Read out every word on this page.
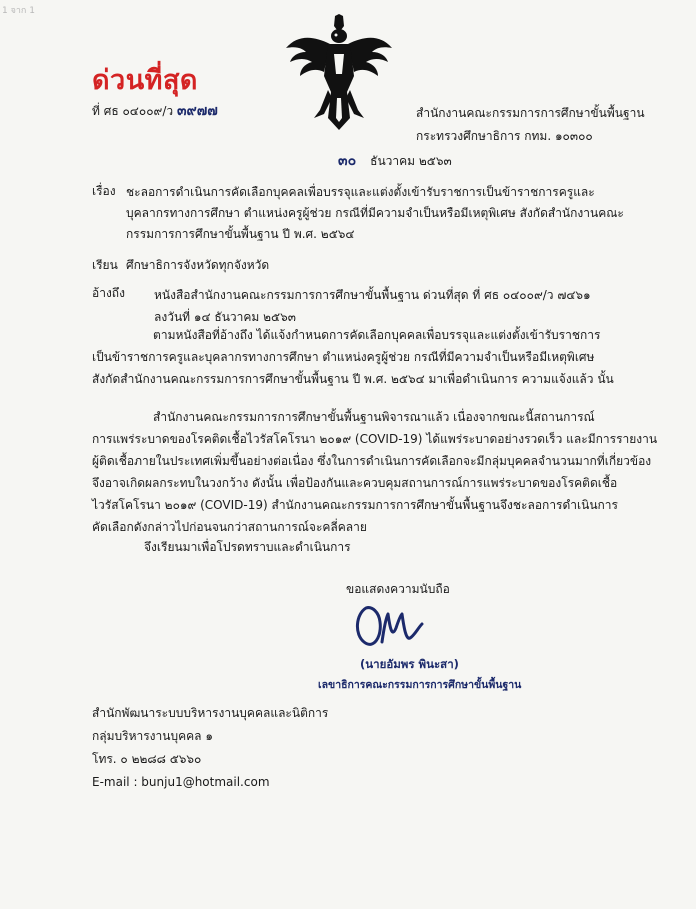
1 จาก 1
ด่วนที่สุด
ที่ ศธ ๐๔๐๐๙/ว ๓๙๗๗	สำนักงานคณะกรรมการการศึกษาขั้นพื้นฐาน
กระทรวงศึกษาธิการ กทม. ๑๐๓๐๐
๓๐ ธันวาคม ๒๕๖๓
เรื่อง ชะลอการดำเนินการคัดเลือกบุคคลเพื่อบรรจุและแต่งตั้งเข้ารับราชการเป็นข้าราชการครูและบุคลากรทางการศึกษา ตำแหน่งครูผู้ช่วย กรณีที่มีความจำเป็นหรือมีเหตุพิเศษ สังกัดสำนักงานคณะกรรมการการศึกษาขั้นพื้นฐาน ปี พ.ศ. ๒๕๖๔
เรียน ศึกษาธิการจังหวัดทุกจังหวัด
อ้างถึง หนังสือสำนักงานคณะกรรมการการศึกษาขั้นพื้นฐาน ด่วนที่สุด ที่ ศธ ๐๔๐๐๙/ว ๗๔๖๑
ลงวันที่ ๑๔ ธันวาคม ๒๕๖๓
ตามหนังสือที่อ้างถึง ได้แจ้งกำหนดการคัดเลือกบุคคลเพื่อบรรจุและแต่งตั้งเข้ารับราชการ
เป็นข้าราชการครูและบุคลากรทางการศึกษา ตำแหน่งครูผู้ช่วย กรณีที่มีความจำเป็นหรือมีเหตุพิเศษ
สังกัดสำนักงานคณะกรรมการการศึกษาขั้นพื้นฐาน ปี พ.ศ. ๒๕๖๔ มาเพื่อดำเนินการ ความแจ้งแล้ว นั้น
สำนักงานคณะกรรมการการศึกษาขั้นพื้นฐานพิจารณาแล้ว เนื่องจากขณะนี้สถานการณ์
การแพร่ระบาดของโรคติดเชื้อไวรัสโคโรนา ๒๐๑๙ (COVID-19) ได้แพร่ระบาดอย่างรวดเร็ว และมีการรายงาน
ผู้ติดเชื้อภายในประเทศเพิ่มขึ้นอย่างต่อเนื่อง ซึ่งในการดำเนินการคัดเลือกจะมีกลุ่มบุคคลจำนวนมากที่เกี่ยวข้อง
จึงอาจเกิดผลกระทบในวงกว้าง ดังนั้น เพื่อป้องกันและควบคุมสถานการณ์การแพร่ระบาดของโรคติดเชื้อ
ไวรัสโคโรนา ๒๐๑๙ (COVID-19) สำนักงานคณะกรรมการการศึกษาขั้นพื้นฐานจึงชะลอการดำเนินการ
คัดเลือกดังกล่าวไปก่อนจนกว่าสถานการณ์จะคลี่คลาย
จึงเรียนมาเพื่อโปรดทราบและดำเนินการ
ขอแสดงความนับถือ
(นายอัมพร พินะสา)
เลขาธิการคณะกรรมการการศึกษาขั้นพื้นฐาน
สำนักพัฒนาระบบบริหารงานบุคคลและนิติการ
กลุ่มบริหารงานบุคคล ๑
โทร. ๐ ๒๒๘๘ ๕๖๖๐
E-mail : bunju1@hotmail.com
